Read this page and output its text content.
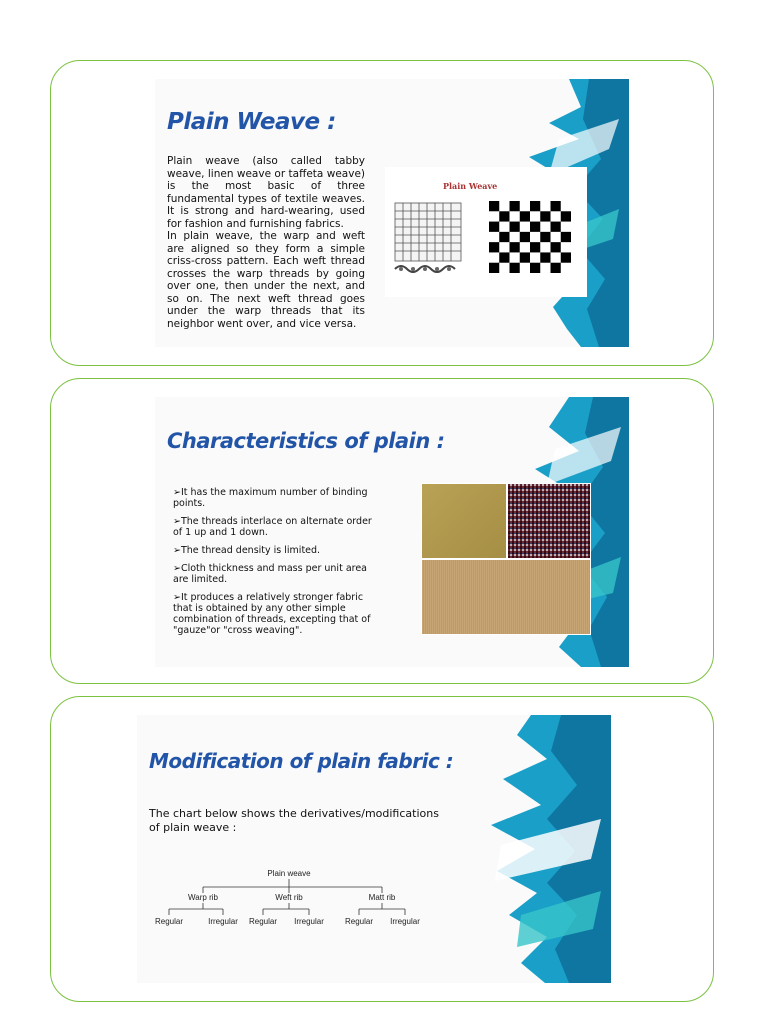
Plain Weave :

Plain weave (also called tabby weave, linen weave or taffeta weave) is the most basic of three fundamental types of textile weaves. It is strong and hard-wearing, used for fashion and furnishing fabrics.

In plain weave, the warp and weft are aligned so they form a simple criss-cross pattern. Each weft thread crosses the warp threads by going over one, then under the next, and so on. The next weft thread goes under the warp threads that its neighbor went over, and vice versa.

Plain Weave
Characteristics of plain :
➢It has the maximum number of binding points.
➢The threads interlace on alternate order of 1 up and 1 down.
➢The thread density is limited.
➢Cloth thickness and mass per unit area are limited.
➢It produces a relatively stronger fabric that is obtained by any other simple combination of threads, excepting that of "gauze"or "cross weaving".
Modification of plain fabric :
The chart below shows the derivatives/modifications of plain weave :
Plain weave
Warp rib	Weft rib	Matt rib
Regular	Irregular Regular Irregular	Regular Irregular
